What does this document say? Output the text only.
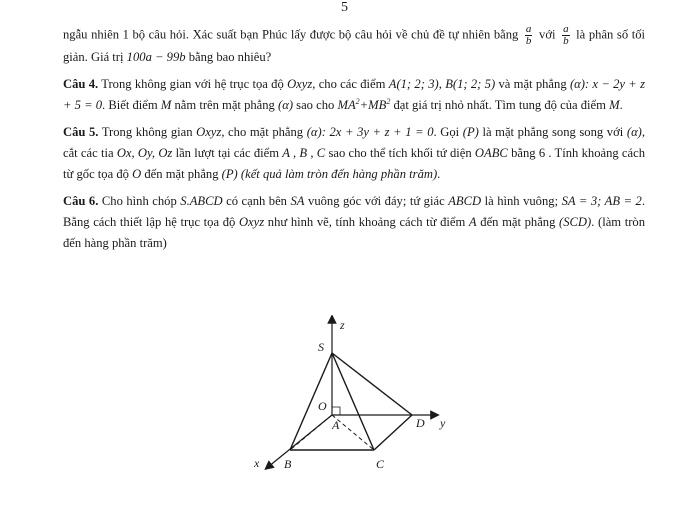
5

ngẫu nhiên 1 bộ câu hỏi. Xác suất bạn Phúc lấy được bộ câu hỏi về chủ đề tự nhiên bằng $\frac{a}{b}$ với $\frac{a}{b}$ là phân số tối giản. Giá trị 100a − 99b bằng bao nhiêu?

Câu 4. Trong không gian với hệ trục tọa độ Oxyz, cho các điểm A(1; 2; 3), B(1; 2; 5) và mặt phẳng (α): x − 2y + z + 5 = 0. Biết điểm M nằm trên mặt phẳng (α) sao cho $MA^2+MB^2$ đạt giá trị nhỏ nhất. Tìm tung độ của điểm M.

Câu 5. Trong không gian Oxyz, cho mặt phẳng (α): 2x + 3y + z + 1 = 0. Gọi (P) là mặt phẳng song song với (α), cắt các tia Ox, Oy, Oz lần lượt tại các điểm A , B , C sao cho thể tích khối tứ diện OABC bằng 6 . Tính khoảng cách từ gốc tọa độ O đến mặt phẳng (P) (kết quả làm tròn đến hàng phần trăm).

Câu 6. Cho hình chóp S.ABCD có cạnh bên SA vuông góc với đáy; tứ giác ABCD là hình vuông; SA = 3; AB = 2. Bằng cách thiết lập hệ trục tọa độ Oxyz như hình vẽ, tính khoảng cách từ điểm A đến mặt phẳng (SCD). (làm tròn đến hàng phần trăm)

z
S
O
A	D y
x B	C
